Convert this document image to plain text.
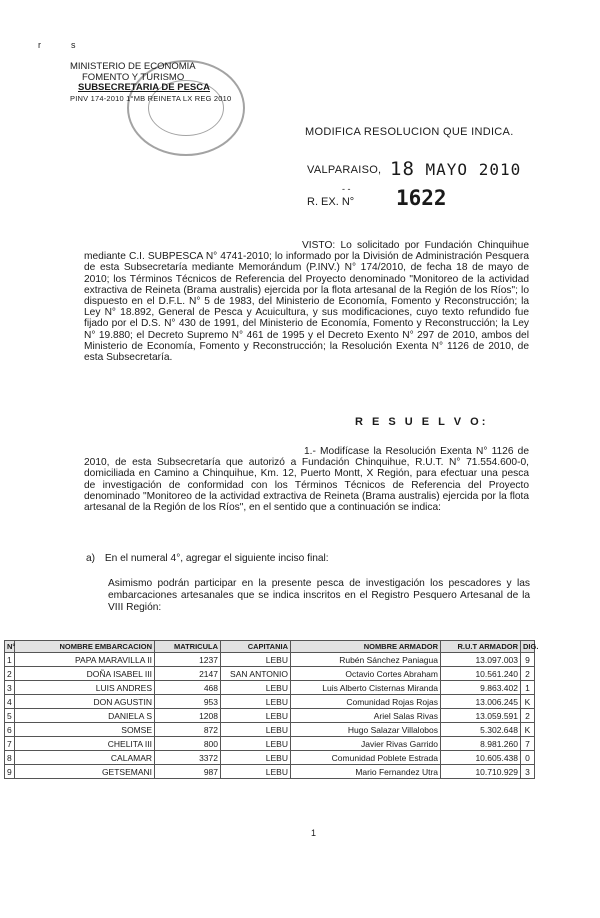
rs
MINISTERIO DE ECONOMIA
FOMENTO Y TURISMO
SUBSECRETARIA DE PESCA
PINV 174-2010 1°MB REINETA LX REG 2010
MODIFICA RESOLUCION QUE INDICA.
VALPARAISO, 18 MAYO 2010
- -
R. EX. N° 1622
VISTO: Lo solicitado por Fundación Chinquihue mediante C.I. SUBPESCA N° 4741-2010; lo informado por la División de Administración Pesquera de esta Subsecretaría mediante Memorándum (P.INV.) N° 174/2010, de fecha 18 de mayo de 2010; los Términos Técnicos de Referencia del Proyecto denominado "Monitoreo de la actividad extractiva de Reineta (Brama australis) ejercida por la flota artesanal de la Región de los Ríos"; lo dispuesto en el D.F.L. N° 5 de 1983, del Ministerio de Economía, Fomento y Reconstrucción; la Ley N° 18.892, General de Pesca y Acuicultura, y sus modificaciones, cuyo texto refundido fue fijado por el D.S. N° 430 de 1991, del Ministerio de Economía, Fomento y Reconstrucción; la Ley N° 19.880; el Decreto Supremo N° 461 de 1995 y el Decreto Exento N° 297 de 2010, ambos del Ministerio de Economía, Fomento y Reconstrucción; la Resolución Exenta N° 1126 de 2010, de esta Subsecretaría.
R E S U E L V O:
1.- Modifícase la Resolución Exenta N° 1126 de 2010, de esta Subsecretaría que autorizó a Fundación Chinquihue, R.U.T. N° 71.554.600-0, domiciliada en Camino a Chinquihue, Km. 12, Puerto Montt, X Región, para efectuar una pesca de investigación de conformidad con los Términos Técnicos de Referencia del Proyecto denominado "Monitoreo de la actividad extractiva de Reineta (Brama australis) ejercida por la flota artesanal de la Región de los Ríos", en el sentido que a continuación se indica:
a) En el numeral 4°, agregar el siguiente inciso final:
Asimismo podrán participar en la presente pesca de investigación los pescadores y las embarcaciones artesanales que se indica inscritos en el Registro Pesquero Artesanal de la VIII Región:
N°	NOMBRE EMBARCACION	MATRICULA	CAPITANIA	NOMBRE ARMADOR	R.U.T ARMADOR	DIG.
1	PAPA MARAVILLA II	1237	LEBU	Rubén Sánchez Paniagua	13.097.003	9
2	DOÑA ISABEL III	2147	SAN ANTONIO	Octavio Cortes Abraham	10.561.240	2
3	LUIS ANDRES	468	LEBU	Luis Alberto Cisternas Miranda	9.863.402	1
4	DON AGUSTIN	953	LEBU	Comunidad Rojas Rojas	13.006.245	K
5	DANIELA S	1208	LEBU	Ariel Salas Rivas	13.059.591	2
6	SOMSE	872	LEBU	Hugo Salazar Villalobos	5.302.648	K
7	CHELITA III	800	LEBU	Javier Rivas Garrido	8.981.260	7
8	CALAMAR	3372	LEBU	Comunidad Poblete Estrada	10.605.438	0
9	GETSEMANI	987	LEBU	Mario Fernandez Utra	10.710.929	3
1
